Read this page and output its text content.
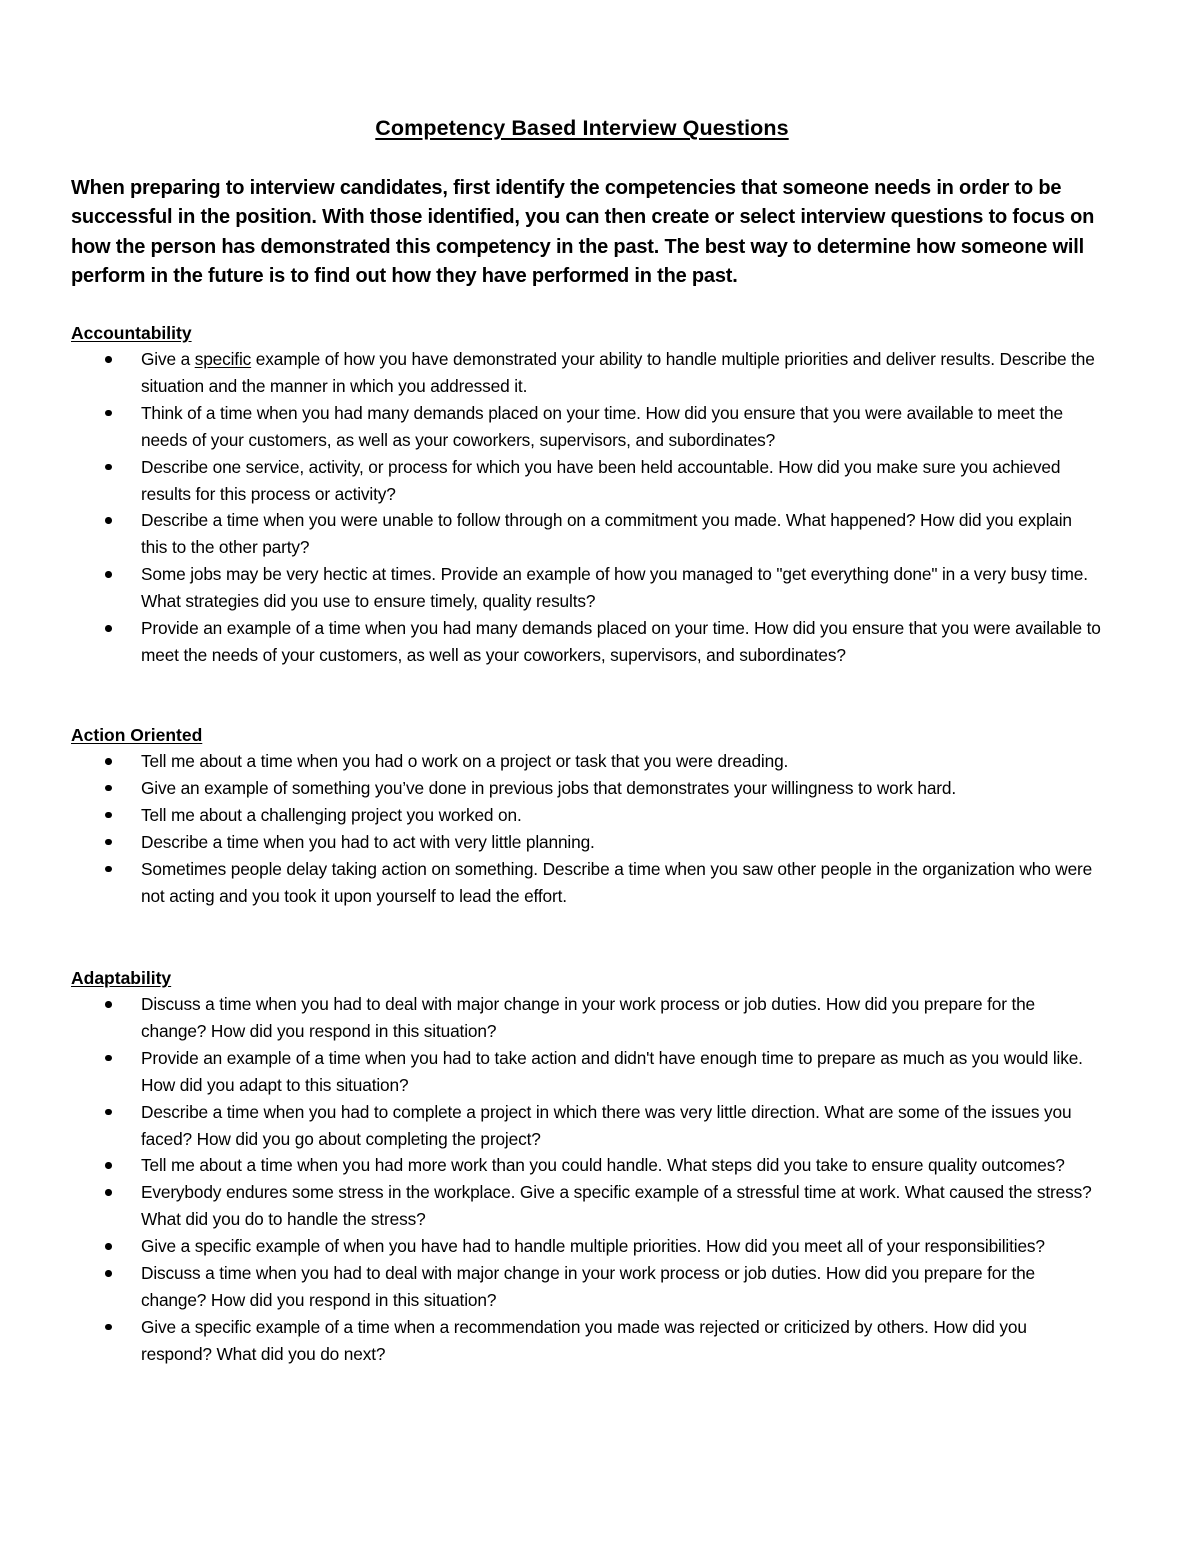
Competency Based Interview Questions
When preparing to interview candidates, first identify the competencies that someone needs in order to be successful in the position. With those identified, you can then create or select interview questions to focus on how the person has demonstrated this competency in the past. The best way to determine how someone will perform in the future is to find out how they have performed in the past.
Accountability
Give a specific example of how you have demonstrated your ability to handle multiple priorities and deliver results. Describe the situation and the manner in which you addressed it.
Think of a time when you had many demands placed on your time. How did you ensure that you were available to meet the needs of your customers, as well as your coworkers, supervisors, and subordinates?
Describe one service, activity, or process for which you have been held accountable. How did you make sure you achieved results for this process or activity?
Describe a time when you were unable to follow through on a commitment you made. What happened? How did you explain this to the other party?
Some jobs may be very hectic at times. Provide an example of how you managed to "get everything done" in a very busy time. What strategies did you use to ensure timely, quality results?
Provide an example of a time when you had many demands placed on your time. How did you ensure that you were available to meet the needs of your customers, as well as your coworkers, supervisors, and subordinates?
Action Oriented
Tell me about a time when you had o work on a project or task that you were dreading.
Give an example of something you’ve done in previous jobs that demonstrates your willingness to work hard.
Tell me about a challenging project you worked on.
Describe a time when you had to act with very little planning.
Sometimes people delay taking action on something. Describe a time when you saw other people in the organization who were not acting and you took it upon yourself to lead the effort.
Adaptability
Discuss a time when you had to deal with major change in your work process or job duties. How did you prepare for the change? How did you respond in this situation?
Provide an example of a time when you had to take action and didn't have enough time to prepare as much as you would like. How did you adapt to this situation?
Describe a time when you had to complete a project in which there was very little direction. What are some of the issues you faced? How did you go about completing the project?
Tell me about a time when you had more work than you could handle. What steps did you take to ensure quality outcomes?
Everybody endures some stress in the workplace. Give a specific example of a stressful time at work. What caused the stress? What did you do to handle the stress?
Give a specific example of when you have had to handle multiple priorities. How did you meet all of your responsibilities?
Discuss a time when you had to deal with major change in your work process or job duties. How did you prepare for the change? How did you respond in this situation?
Give a specific example of a time when a recommendation you made was rejected or criticized by others. How did you respond? What did you do next?
